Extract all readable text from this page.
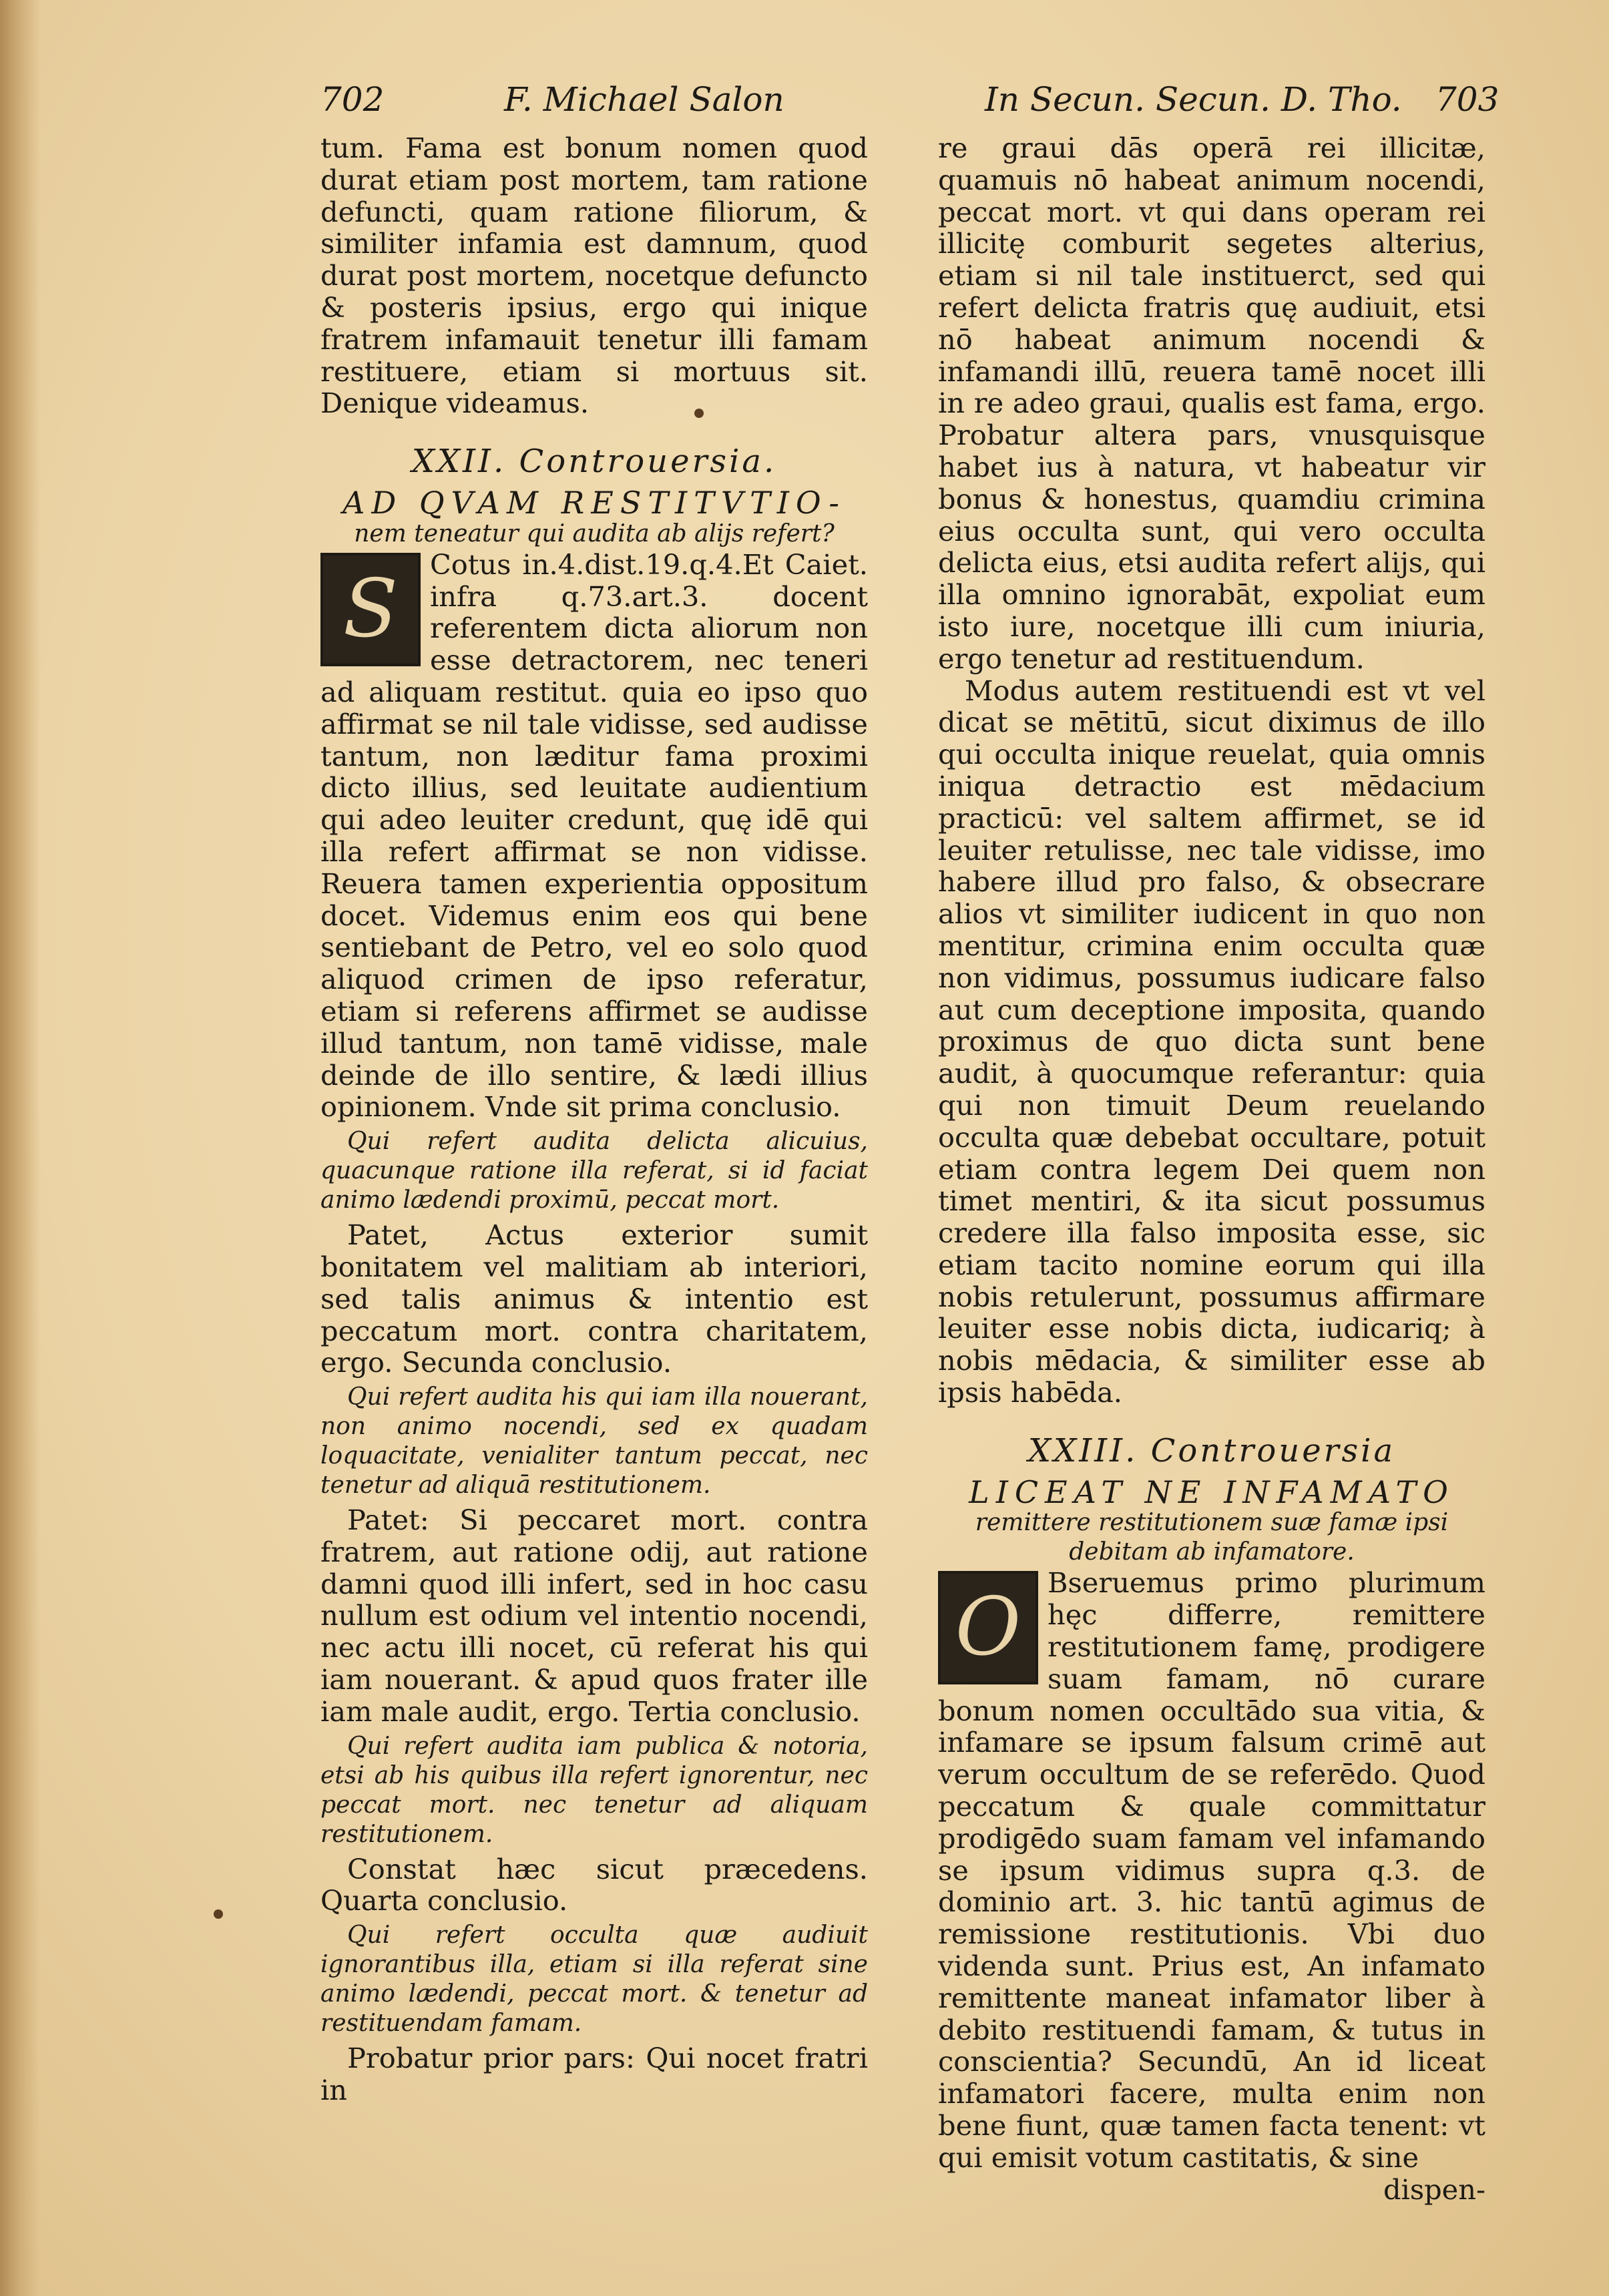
702	F. Michael Salon	In Secun. Secun. D. Tho. 703

tum. Fama est bonum nomen quod durat etiam post mortem, tam ratione defuncti, quam ratione filiorum, & similiter infamia est damnum, quod durat post mortem, nocetque defuncto & posteris ipsius, ergo qui inique fratrem infamauit tenetur illi famam restituere, etiam si mortuus sit. Denique videamus.

XXII. Controuersia.

AD QVAM RESTITVTIO-

nem teneatur qui audita ab alijs refert?

S	Cotus in.4.dist.19.q.4.Et Caiet. infra q.73.art.3. docent referentem dicta aliorum non esse detractorem, nec teneri ad aliquam restitut. quia eo ipso quo affirmat se nil tale vidisse, sed audisse tantum, non læditur fama proximi dicto illius, sed leuitate audientium qui adeo leuiter credunt, quę idē qui illa refert affirmat se non vidisse. Reuera tamen experientia oppositum docet. Videmus enim eos qui bene sentiebant de Petro, vel eo solo quod aliquod crimen de ipso referatur, etiam si referens affirmet se audisse illud tantum, non tamē vidisse, male deinde de illo sentire, & lædi illius opinionem. Vnde sit prima conclusio.

Qui refert audita delicta alicuius, quacunque ratione illa referat, si id faciat animo lædendi proximū, peccat mort.

Patet, Actus exterior sumit bonitatem vel malitiam ab interiori, sed talis animus & intentio est peccatum mort. contra charitatem, ergo. Secunda conclusio.

Qui refert audita his qui iam illa nouerant, non animo nocendi, sed ex quadam loquacitate, venialiter tantum peccat, nec tenetur ad aliquā restitutionem.

Patet: Si peccaret mort. contra fratrem, aut ratione odij, aut ratione damni quod illi infert, sed in hoc casu nullum est odium vel intentio nocendi, nec actu illi nocet, cū referat his qui iam nouerant. & apud quos frater ille iam male audit, ergo. Tertia conclusio.

Qui refert audita iam publica & notoria, etsi ab his quibus illa refert ignorentur, nec peccat mort. nec tenetur ad aliquam restitutionem.

Constat hæc sicut præcedens. Quarta conclusio.

Qui refert occulta quæ audiuit ignorantibus illa, etiam si illa referat sine animo lædendi, peccat mort. & tenetur ad restituendam famam.

Probatur prior pars: Qui nocet fratri in

re graui dās operā rei illicitæ, quamuis nō habeat animum nocendi, peccat mort. vt qui dans operam rei illicitę comburit segetes alterius, etiam si nil tale instituerct, sed qui refert delicta fratris quę audiuit, etsi nō habeat animum nocendi & infamandi illū, reuera tamē nocet illi in re adeo graui, qualis est fama, ergo. Probatur altera pars, vnusquisque habet ius à natura, vt habeatur vir bonus & honestus, quamdiu crimina eius occulta sunt, qui vero occulta delicta eius, etsi audita refert alijs, qui illa omnino ignorabāt, expoliat eum isto iure, nocetque illi cum iniuria, ergo tenetur ad restituendum.

Modus autem restituendi est vt vel dicat se mētitū, sicut diximus de illo qui occulta inique reuelat, quia omnis iniqua detractio est mēdacium practicū: vel saltem affirmet, se id leuiter retulisse, nec tale vidisse, imo habere illud pro falso, & obsecrare alios vt similiter iudicent in quo non mentitur, crimina enim occulta quæ non vidimus, possumus iudicare falso aut cum deceptione imposita, quando proximus de quo dicta sunt bene audit, à quocumque referantur: quia qui non timuit Deum reuelando occulta quæ debebat occultare, potuit etiam contra legem Dei quem non timet mentiri, & ita sicut possumus credere illa falso imposita esse, sic etiam tacito nomine eorum qui illa nobis retulerunt, possumus affirmare leuiter esse nobis dicta, iudicariq; à nobis mēdacia, & similiter esse ab ipsis habēda.

XXIII. Controuersia

LICEAT NE INFAMATO

remittere restitutionem suæ famæ ipsi debitam ab infamatore.

O Bseruemus primo plurimum hęc differre, remittere restitutionem famę, prodigere suam famam, nō curare bonum nomen occultādo sua vitia, & infamare se ipsum falsum crimē aut verum occultum de se referēdo. Quod peccatum & quale committatur prodigēdo suam famam vel infamando se ipsum vidimus supra q.3. de dominio art. 3. hic tantū agimus de remissione restitutionis. Vbi duo videnda sunt. Prius est, An infamato remittente maneat infamator liber à debito restituendi famam, & tutus in conscientia? Secundū, An id liceat infamatori facere, multa enim non bene fiunt, quæ tamen facta tenent: vt qui emisit votum castitatis, & sine

dispen-
